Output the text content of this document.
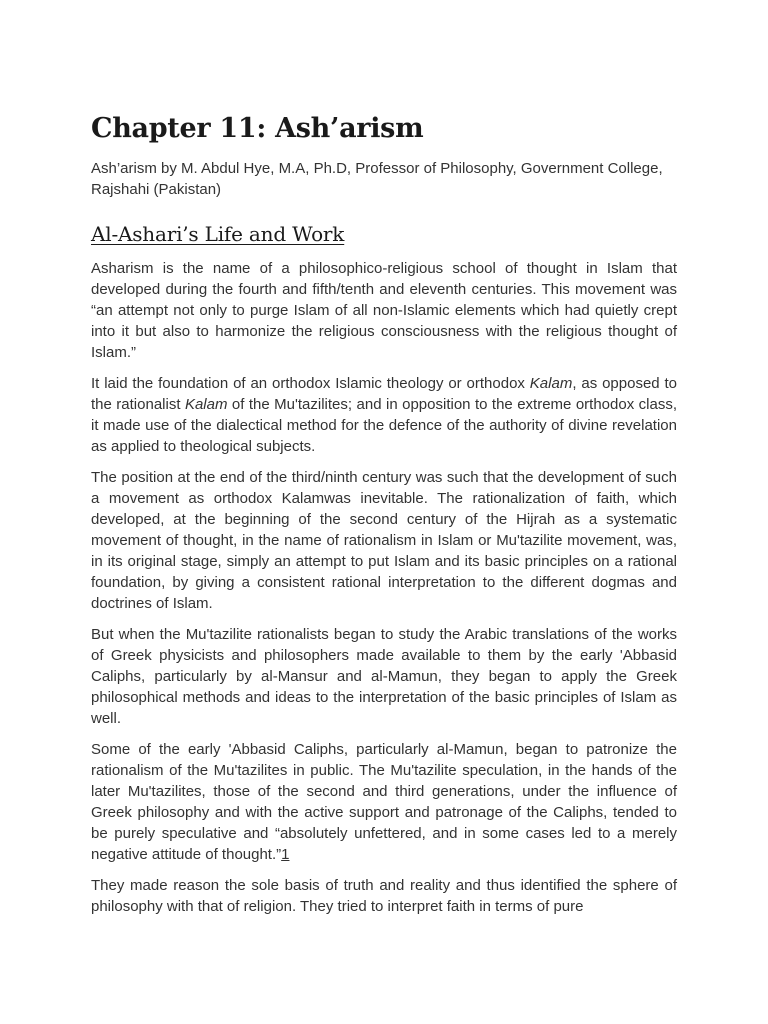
Chapter 11: Ash’arism

Ash’arism by M. Abdul Hye, M.A, Ph.D, Professor of Philosophy, Government College, Rajshahi (Pakistan)

Al-Ashari’s Life and Work

Asharism is the name of a philosophico-religious school of thought in Islam that developed during the fourth and fifth/tenth and eleventh centuries. This movement was “an attempt not only to purge Islam of all non-Islamic elements which had quietly crept into it but also to harmonize the religious consciousness with the religious thought of Islam.”

It laid the foundation of an orthodox Islamic theology or orthodox Kalam, as opposed to the rationalist Kalam of the Mu'tazilites; and in opposition to the extreme orthodox class, it made use of the dialectical method for the defence of the authority of divine revelation as applied to theological subjects.

The position at the end of the third/ninth century was such that the development of such a movement as orthodox Kalamwas inevitable. The rationalization of faith, which developed, at the beginning of the second century of the Hijrah as a systematic movement of thought, in the name of rationalism in Islam or Mu'tazilite movement, was, in its original stage, simply an attempt to put Islam and its basic principles on a rational foundation, by giving a consistent rational interpretation to the different dogmas and doctrines of Islam.

But when the Mu'tazilite rationalists began to study the Arabic translations of the works of Greek physicists and philosophers made available to them by the early 'Abbasid Caliphs, particularly by al-Mansur and al-Mamun, they began to apply the Greek philosophical methods and ideas to the interpretation of the basic principles of Islam as well.

Some of the early 'Abbasid Caliphs, particularly al-Mamun, began to patronize the rationalism of the Mu'tazilites in public. The Mu'tazilite speculation, in the hands of the later Mu'tazilites, those of the second and third generations, under the influence of Greek philosophy and with the active support and patronage of the Caliphs, tended to be purely speculative and “absolutely unfettered, and in some cases led to a merely negative attitude of thought.”1

They made reason the sole basis of truth and reality and thus identified the sphere of philosophy with that of religion. They tried to interpret faith in terms of pure
